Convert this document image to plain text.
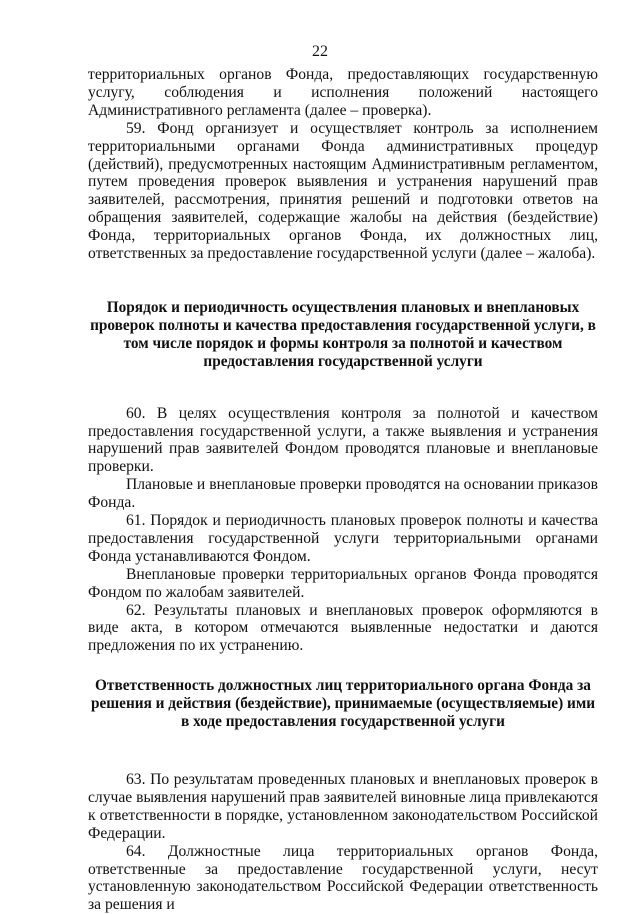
22

территориальных органов Фонда, предоставляющих государственную услугу, соблюдения и исполнения положений настоящего Административного регламента (далее – проверка).

59. Фонд организует и осуществляет контроль за исполнением территориальными органами Фонда административных процедур (действий), предусмотренных настоящим Административным регламентом, путем проведения проверок выявления и устранения нарушений прав заявителей, рассмотрения, принятия решений и подготовки ответов на обращения заявителей, содержащие жалобы на действия (бездействие) Фонда, территориальных органов Фонда, их должностных лиц, ответственных за предоставление государственной услуги (далее – жалоба).

Порядок и периодичность осуществления плановых и внеплановых проверок полноты и качества предоставления государственной услуги, в том числе порядок и формы контроля за полнотой и качеством предоставления государственной услуги

60. В целях осуществления контроля за полнотой и качеством предоставления государственной услуги, а также выявления и устранения нарушений прав заявителей Фондом проводятся плановые и внеплановые проверки.

Плановые и внеплановые проверки проводятся на основании приказов Фонда.

61. Порядок и периодичность плановых проверок полноты и качества предоставления государственной услуги территориальными органами Фонда устанавливаются Фондом.

Внеплановые проверки территориальных органов Фонда проводятся Фондом по жалобам заявителей.

62. Результаты плановых и внеплановых проверок оформляются в виде акта, в котором отмечаются выявленные недостатки и даются предложения по их устранению.

Ответственность должностных лиц территориального органа Фонда за решения и действия (бездействие), принимаемые (осуществляемые) ими в ходе предоставления государственной услуги

63. По результатам проведенных плановых и внеплановых проверок в случае выявления нарушений прав заявителей виновные лица привлекаются к ответственности в порядке, установленном законодательством Российской Федерации.

64. Должностные лица территориальных органов Фонда, ответственные за предоставление государственной услуги, несут установленную законодательством Российской Федерации ответственность за решения и
